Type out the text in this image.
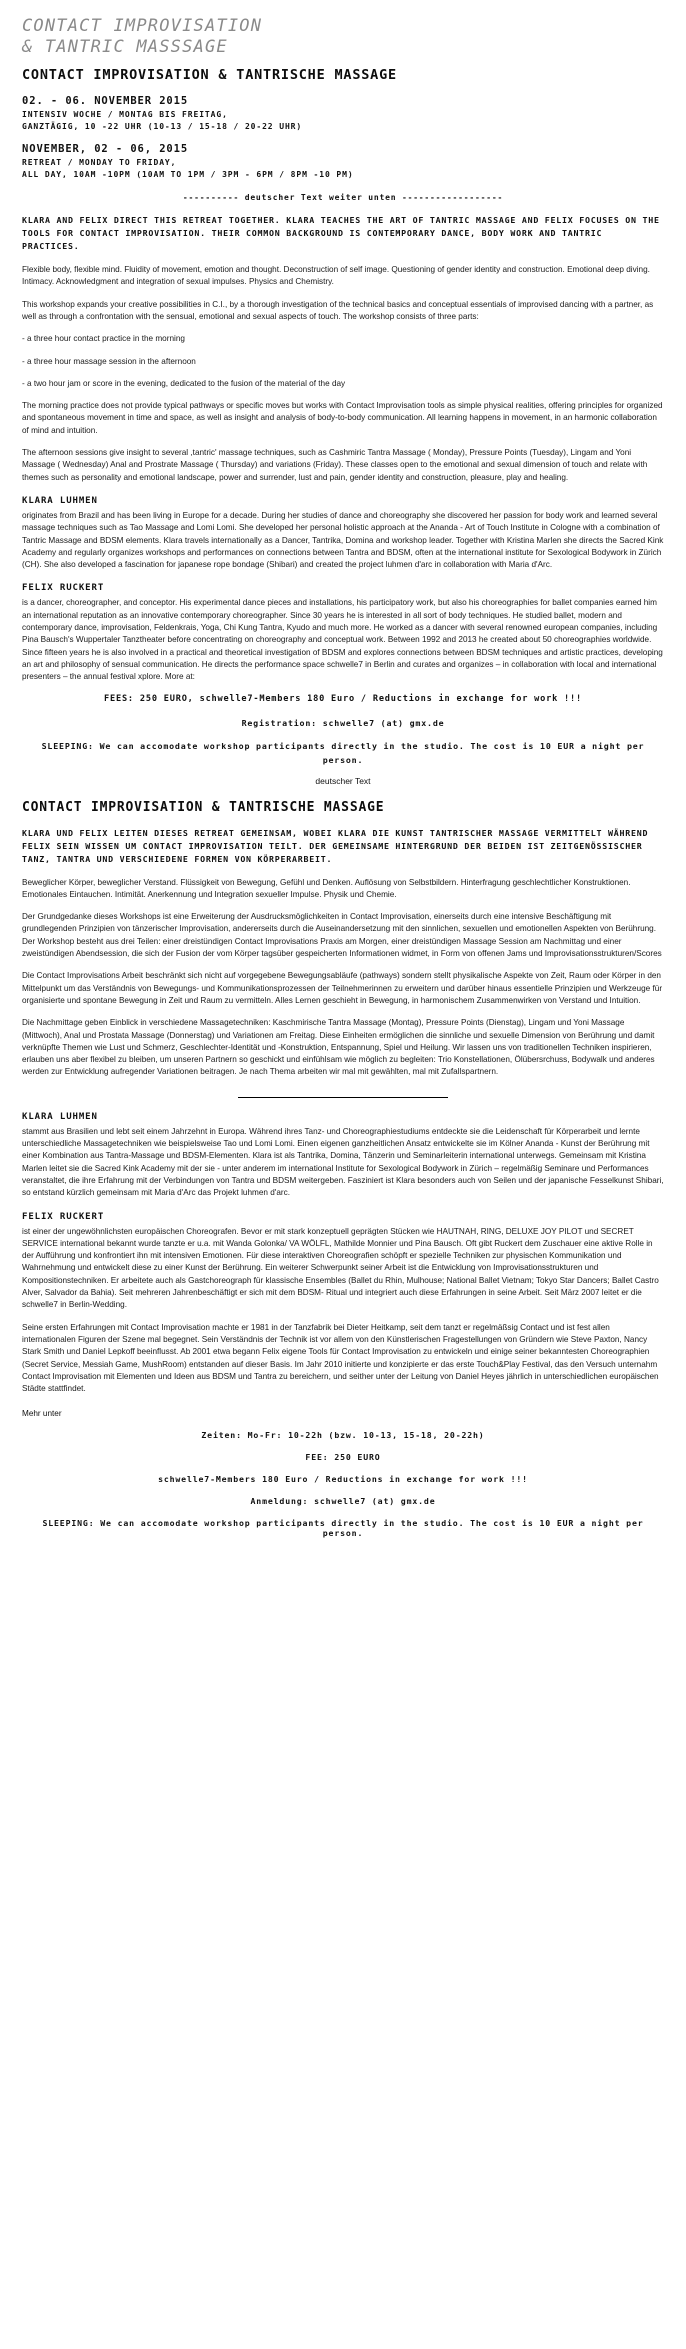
CONTACT IMPROVISATION
& TANTRIC MASSSAGE
CONTACT IMPROVISATION & TANTRISCHE MASSAGE
02. - 06. NOVEMBER 2015
INTENSIV WOCHE / MONTAG BIS FREITAG,
GANZTÄGIG, 10 -22 UHR (10-13 / 15-18 / 20-22 UHR)
NOVEMBER, 02 - 06, 2015
RETREAT / MONDAY TO FRIDAY,
ALL DAY, 10AM -10PM (10AM TO 1PM / 3PM - 6PM / 8PM -10 PM)
---------- deutscher Text weiter unten ------------------
KLARA AND FELIX DIRECT THIS RETREAT TOGETHER. KLARA TEACHES THE ART OF TANTRIC MASSAGE AND FELIX FOCUSES ON THE TOOLS FOR CONTACT IMPROVISATION. THEIR COMMON BACKGROUND IS CONTEMPORARY DANCE, BODY WORK AND TANTRIC PRACTICES.

Flexible body, flexible mind. Fluidity of movement, emotion and thought. Deconstruction of self image. Questioning of gender identity and construction. Emotional deep diving. Intimacy. Acknowledgment and integration of sexual impulses. Physics and Chemistry.

This workshop expands your creative possibilities in C.I., by a thorough investigation of the technical basics and conceptual essentials of improvised dancing with a partner, as well as through a confrontation with the sensual, emotional and sexual aspects of touch. The workshop consists of three parts:

- a three hour contact practice in the morning

- a three hour massage session in the afternoon

- a two hour jam or score in the evening, dedicated to the fusion of the material of the day

The morning practice does not provide typical pathways or specific moves but works with Contact Improvisation tools as simple physical realities, offering principles for organized and spontaneous movement in time and space, as well as insight and analysis of body-to-body communication. All learning happens in movement, in an harmonic collaboration of mind and intuition.

The afternoon sessions give insight to several ,tantric' massage techniques, such as Cashmiric Tantra Massage ( Monday), Pressure Points (Tuesday), Lingam and Yoni Massage ( Wednesday) Anal and Prostrate Massage ( Thursday) and variations (Friday). These classes open to the emotional and sexual dimension of touch and relate with themes such as personality and emotional landscape, power and surrender, lust and pain, gender identity and construction, pleasure, play and healing.

KLARA LUHMEN

originates from Brazil and has been living in Europe for a decade. During her studies of dance and choreography she discovered her passion for body work and learned several massage techniques such as Tao Massage and Lomi Lomi. She developed her personal holistic approach at the Ananda - Art of Touch Institute in Cologne with a combination of Tantric Massage and BDSM elements. Klara travels internationally as a Dancer, Tantrika, Domina and workshop leader. Together with Kristina Marlen she directs the Sacred Kink Academy and regularly organizes workshops and performances on connections between Tantra and BDSM, often at the international institute for Sexological Bodywork in Zürich (CH). She also developed a fascination for japanese rope bondage (Shibari) and created the project luhmen d'arc in collaboration with Maria d'Arc.

FELIX RUCKERT

is a dancer, choreographer, and conceptor. His experimental dance pieces and installations, his participatory work, but also his choreographies for ballet companies earned him an international reputation as an innovative contemporary choreographer. Since 30 years he is interested in all sort of body techniques. He studied ballet, modern and contemporary dance, improvisation, Feldenkrais, Yoga, Chi Kung Tantra, Kyudo and much more. He worked as a dancer with several renowned european companies, including Pina Bausch's Wuppertaler Tanztheater before concentrating on choreography and conceptual work. Between 1992 and 2013 he created about 50 choreographies worldwide. Since fifteen years he is also involved in a practical and theoretical investigation of BDSM and explores connections between BDSM techniques and artistic practices, developing an art and philosophy of sensual communication. He directs the performance space schwelle7 in Berlin and curates and organizes – in collaboration with local and international presenters – the annual festival xplore. More at:

FEES: 250 EURO, schwelle7-Members 180 Euro / Reductions in exchange for work !!!
Registration: schwelle7 (at) gmx.de
SLEEPING: We can accomodate workshop participants directly in the studio. The cost is 10 EUR a night per person.
deutscher Text
CONTACT IMPROVISATION & TANTRISCHE MASSAGE
KLARA UND FELIX LEITEN DIESES RETREAT GEMEINSAM, WOBEI KLARA DIE KUNST TANTRISCHER MASSAGE VERMITTELT WÄHREND FELIX SEIN WISSEN UM CONTACT IMPROVISATION TEILT. DER GEMEINSAME HINTERGRUND DER BEIDEN IST ZEITGENÖSSISCHER TANZ, TANTRA UND VERSCHIEDENE FORMEN VON KÖRPERARBEIT.

Beweglicher Körper, beweglicher Verstand. Flüssigkeit von Bewegung, Gefühl und Denken. Auflösung von Selbstbildern. Hinterfragung geschlechtlicher Konstruktionen. Emotionales Eintauchen. Intimität. Anerkennung und Integration sexueller Impulse. Physik und Chemie.

Der Grundgedanke dieses Workshops ist eine Erweiterung der Ausdrucksmöglichkeiten in Contact Improvisation, einerseits durch eine intensive Beschäftigung mit grundlegenden Prinzipien von tänzerischer Improvisation, andererseits durch die Auseinandersetzung mit den sinnlichen, sexuellen und emotionellen Aspekten von Berührung. Der Workshop besteht aus drei Teilen: einer dreistündigen Contact Improvisations Praxis am Morgen, einer dreistündigen Massage Session am Nachmittag und einer zweistündigen Abendsession, die sich der Fusion der vom Körper tagsüber gespeicherten Informationen widmet, in Form von offenen Jams und Improvisationsstrukturen/Scores

Die Contact Improvisations Arbeit beschränkt sich nicht auf vorgegebene Bewegungsabläufe (pathways) sondern stellt physikalische Aspekte von Zeit, Raum oder Körper in den Mittelpunkt um das Verständnis von Bewegungs- und Kommunikationsprozessen der Teilnehmerinnen zu erweitern und darüber hinaus essentielle Prinzipien und Werkzeuge für organisierte und spontane Bewegung in Zeit und Raum zu vermitteln. Alles Lernen geschieht in Bewegung, in harmonischem Zusammenwirken von Verstand und Intuition.

Die Nachmittage geben Einblick in verschiedene Massagetechniken: Kaschmirische Tantra Massage (Montag), Pressure Points (Dienstag), Lingam und Yoni Massage (Mittwoch), Anal und Prostata Massage (Donnerstag) und Variationen am Freitag. Diese Einheiten ermöglichen die sinnliche und sexuelle Dimension von Berührung und damit verknüpfte Themen wie Lust und Schmerz, Geschlechter-Identität und -Konstruktion, Entspannung, Spiel und Heilung. Wir lassen uns von traditionellen Techniken inspirieren, erlauben uns aber flexibel zu bleiben, um unseren Partnern so geschickt und einfühlsam wie möglich zu begleiten: Trio Konstellationen, Ölübersrchuss, Bodywalk und anderes werden zur Entwicklung aufregender Variationen beitragen. Je nach Thema arbeiten wir mal mit gewählten, mal mit Zufallspartnern.

KLARA LUHMEN

stammt aus Brasilien und lebt seit einem Jahrzehnt in Europa. Während ihres Tanz- und Choreographiestudiums entdeckte sie die Leidenschaft für Körperarbeit und lernte unterschiedliche Massagetechniken wie beispielsweise Tao und Lomi Lomi. Einen eigenen ganzheitlichen Ansatz entwickelte sie im Kölner Ananda - Kunst der Berührung mit einer Kombination aus Tantra-Massage und BDSM-Elementen. Klara ist als Tantrika, Domina, Tänzerin und Seminarleiterin international unterwegs. Gemeinsam mit Kristina Marlen leitet sie die Sacred Kink Academy mit der sie - unter anderem im international Institute for Sexological Bodywork in Zürich – regelmäßig Seminare und Performances veranstaltet, die ihre Erfahrung mit der Verbindungen von Tantra und BDSM weitergeben. Fasziniert ist Klara besonders auch von Seilen und der japanische Fesselkunst Shibari, so entstand kürzlich gemeinsam mit Maria d'Arc das Projekt luhmen d'arc.

FELIX RUCKERT

ist einer der ungewöhnlichsten europäischen Choreografen. Bevor er mit stark konzeptuell geprägten Stücken wie HAUTNAH, RING, DELUXE JOY PILOT und SECRET SERVICE international bekannt wurde tanzte er u.a. mit Wanda Golonka/ VA WÖLFL, Mathilde Monnier und Pina Bausch. Oft gibt Ruckert dem Zuschauer eine aktive Rolle in der Aufführung und konfrontiert ihn mit intensiven Emotionen. Für diese interaktiven Choreografien schöpft er spezielle Techniken zur physischen Kommunikation und Wahrnehmung und entwickelt diese zu einer Kunst der Berührung. Ein weiterer Schwerpunkt seiner Arbeit ist die Entwicklung von Improvisationsstrukturen und Kompositionstechniken. Er arbeitete auch als Gastchoreograph für klassische Ensembles (Ballet du Rhin, Mulhouse; National Ballet Vietnam; Tokyo Star Dancers; Ballet Castro Alver, Salvador da Bahia). Seit mehreren Jahrenbeschäftigt er sich mit dem BDSM- Ritual und integriert auch diese Erfahrungen in seine Arbeit. Seit März 2007 leitet er die schwelle7 in Berlin-Wedding.

Seine ersten Erfahrungen mit Contact Improvisation machte er 1981 in der Tanzfabrik bei Dieter Heitkamp, seit dem tanzt er regelmäßsig Contact und ist fest allen internationalen Figuren der Szene mal begegnet. Sein Verständnis der Technik ist vor allem von den Künstlerischen Fragestellungen von Gründern wie Steve Paxton, Nancy Stark Smith und Daniel Lepkoff beeinflusst. Ab 2001 etwa begann Felix eigene Tools für Contact Improvisation zu entwickeln und einige seiner bekanntesten Choreographien (Secret Service, Messiah Game, MushRoom) entstanden auf dieser Basis. Im Jahr 2010 initierte und konzipierte er das erste Touch&Play Festival, das den Versuch unternahm Contact Improvisation mit Elementen und Ideen aus BDSM und Tantra zu bereichern, und seither unter der Leitung von Daniel Heyes jährlich in unterschiedlichen europäischen Städte stattfindet.

Mehr unter
Zeiten: Mo-Fr: 10-22h (bzw. 10-13, 15-18, 20-22h)
FEE: 250 EURO
schwelle7-Members 180 Euro / Reductions in exchange for work !!!
Anmeldung: schwelle7 (at) gmx.de
SLEEPING: We can accomodate workshop participants directly in the studio. The cost is 10 EUR a night per person.
